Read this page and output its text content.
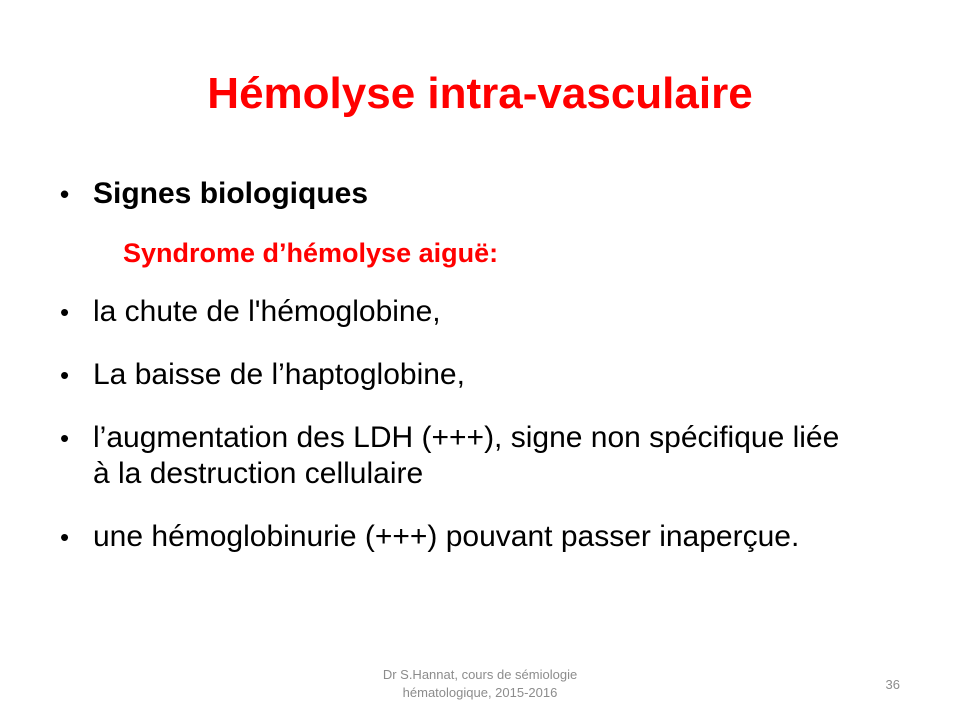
Hémolyse intra-vasculaire
• Signes biologiques
Syndrome d’hémolyse aiguë:
• la chute de l'hémoglobine,
• La baisse de l’haptoglobine,
• l’augmentation des LDH (+++), signe non spécifique liée à la destruction cellulaire
• une hémoglobinurie (+++) pouvant passer inaperçue.
Dr S.Hannat, cours de sémiologie
hématologique, 2015-2016
36
